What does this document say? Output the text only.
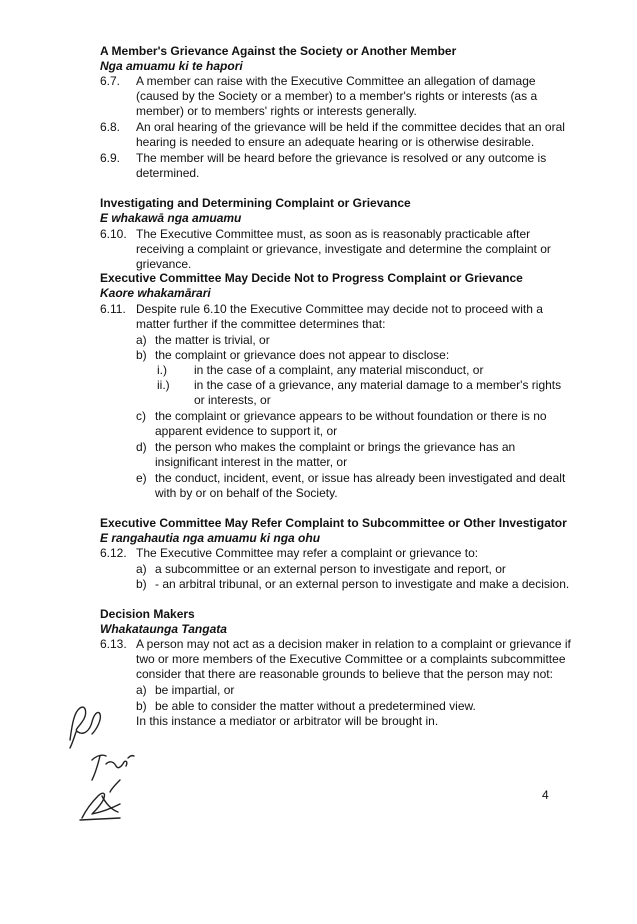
A Member's Grievance Against the Society or Another Member
Nga amuamu ki te hapori
6.7. A member can raise with the Executive Committee an allegation of damage
(caused by the Society or a member) to a member's rights or interests (as a
member) or to members' rights or interests generally.
6.8. An oral hearing of the grievance will be held if the committee decides that an oral
hearing is needed to ensure an adequate hearing or is otherwise desirable.
6.9. The member will be heard before the grievance is resolved or any outcome is
determined.
Investigating and Determining Complaint or Grievance
E whakawā nga amuamu
6.10. The Executive Committee must, as soon as is reasonably practicable after
receiving a complaint or grievance, investigate and determine the complaint or
grievance.
Executive Committee May Decide Not to Progress Complaint or Grievance
Kaore whakamārari
6.11. Despite rule 6.10 the Executive Committee may decide not to proceed with a
matter further if the committee determines that:
a) the matter is trivial, or
b) the complaint or grievance does not appear to disclose:
i.) in the case of a complaint, any material misconduct, or
ii.) in the case of a grievance, any material damage to a member's rights
or interests, or
c) the complaint or grievance appears to be without foundation or there is no
apparent evidence to support it, or
d) the person who makes the complaint or brings the grievance has an
insignificant interest in the matter, or
e) the conduct, incident, event, or issue has already been investigated and dealt
with by or on behalf of the Society.
Executive Committee May Refer Complaint to Subcommittee or Other Investigator
E rangahautia nga amuamu ki nga ohu
6.12. The Executive Committee may refer a complaint or grievance to:
a) a subcommittee or an external person to investigate and report, or
b) - an arbitral tribunal, or an external person to investigate and make a decision.
Decision Makers
Whakataunga Tangata
6.13. A person may not act as a decision maker in relation to a complaint or grievance if
two or more members of the Executive Committee or a complaints subcommittee
consider that there are reasonable grounds to believe that the person may not:
a) be impartial, or
b) be able to consider the matter without a predetermined view.
In this instance a mediator or arbitrator will be brought in.
4
